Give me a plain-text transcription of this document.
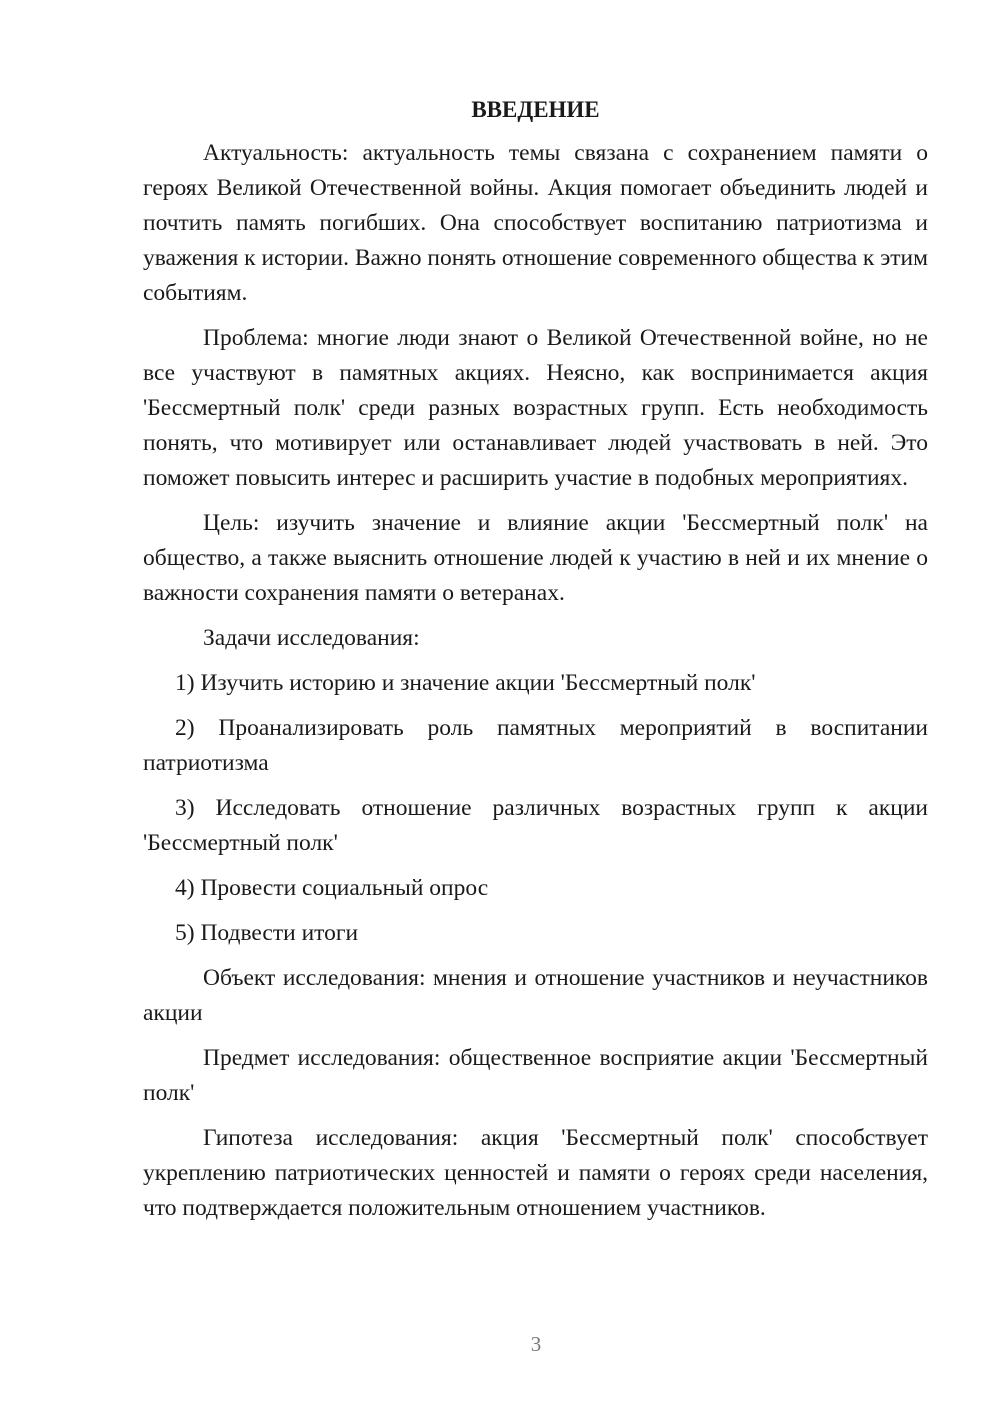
ВВЕДЕНИЕ

Актуальность: актуальность темы связана с сохранением памяти о героях Великой Отечественной войны. Акция помогает объединить людей и почтить память погибших. Она способствует воспитанию патриотизма и уважения к истории. Важно понять отношение современного общества к этим событиям.

Проблема: многие люди знают о Великой Отечественной войне, но не все участвуют в памятных акциях. Неясно, как воспринимается акция 'Бессмертный полк' среди разных возрастных групп. Есть необходимость понять, что мотивирует или останавливает людей участвовать в ней. Это поможет повысить интерес и расширить участие в подобных мероприятиях.

Цель: изучить значение и влияние акции 'Бессмертный полк' на общество, а также выяснить отношение людей к участию в ней и их мнение о важности сохранения памяти о ветеранах.

Задачи исследования:

1) Изучить историю и значение акции 'Бессмертный полк'

2) Проанализировать роль памятных мероприятий в воспитании патриотизма

3) Исследовать отношение различных возрастных групп к акции 'Бессмертный полк'

4) Провести социальный опрос

5) Подвести итоги

Объект исследования: мнения и отношение участников и неучастников акции

Предмет исследования: общественное восприятие акции 'Бессмертный полк'

Гипотеза исследования: акция 'Бессмертный полк' способствует укреплению патриотических ценностей и памяти о героях среди населения, что подтверждается положительным отношением участников.

3
